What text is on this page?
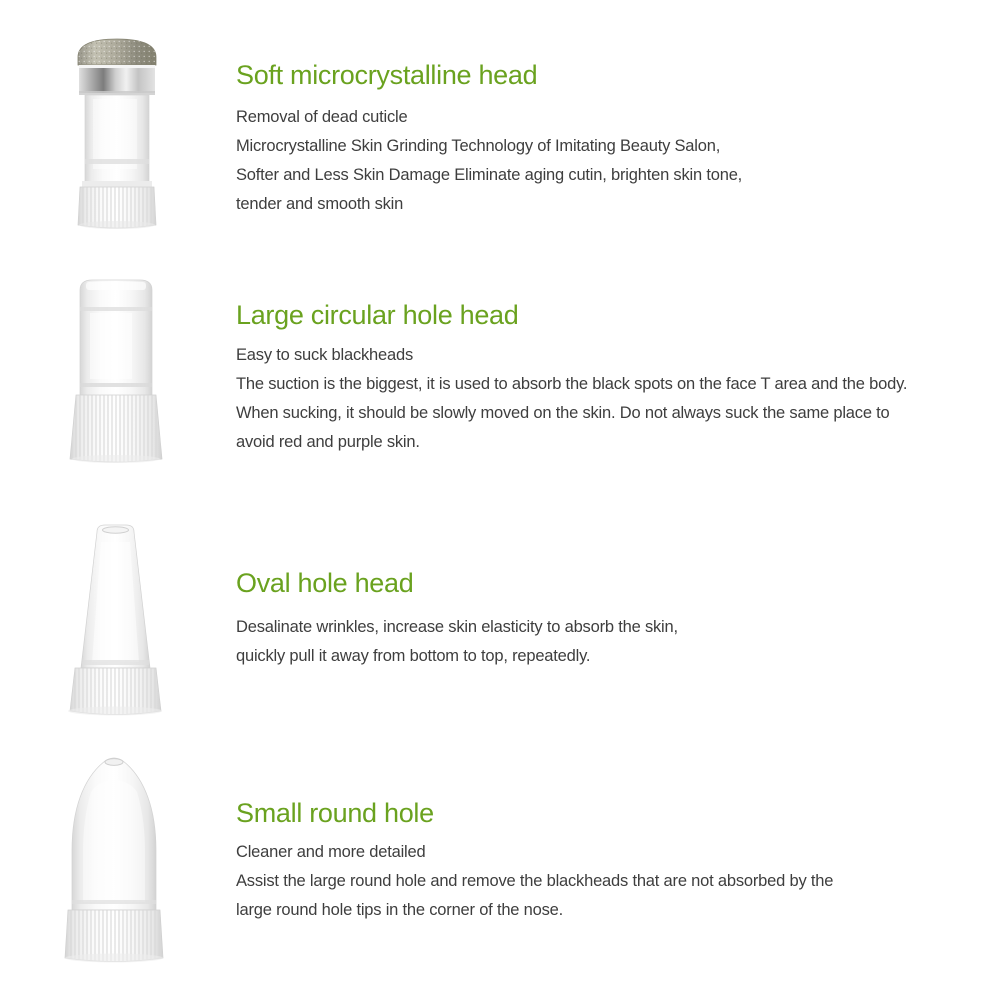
Soft microcrystalline head
Removal of dead cuticle
Microcrystalline Skin Grinding Technology of Imitating Beauty Salon,
Softer and Less Skin Damage Eliminate aging cutin, brighten skin tone,
tender and smooth skin
Large circular hole head
Easy to suck blackheads
The suction is the biggest, it is used to absorb the black spots on the face T area and the body.
When sucking, it should be slowly moved on the skin. Do not always suck the same place to
avoid red and purple skin.
Oval hole head
Desalinate wrinkles, increase skin elasticity to absorb the skin,
quickly pull it away from bottom to top, repeatedly.
Small round hole
Cleaner and more detailed
Assist the large round hole and remove the blackheads that are not absorbed by the
large round hole tips in the corner of the nose.
